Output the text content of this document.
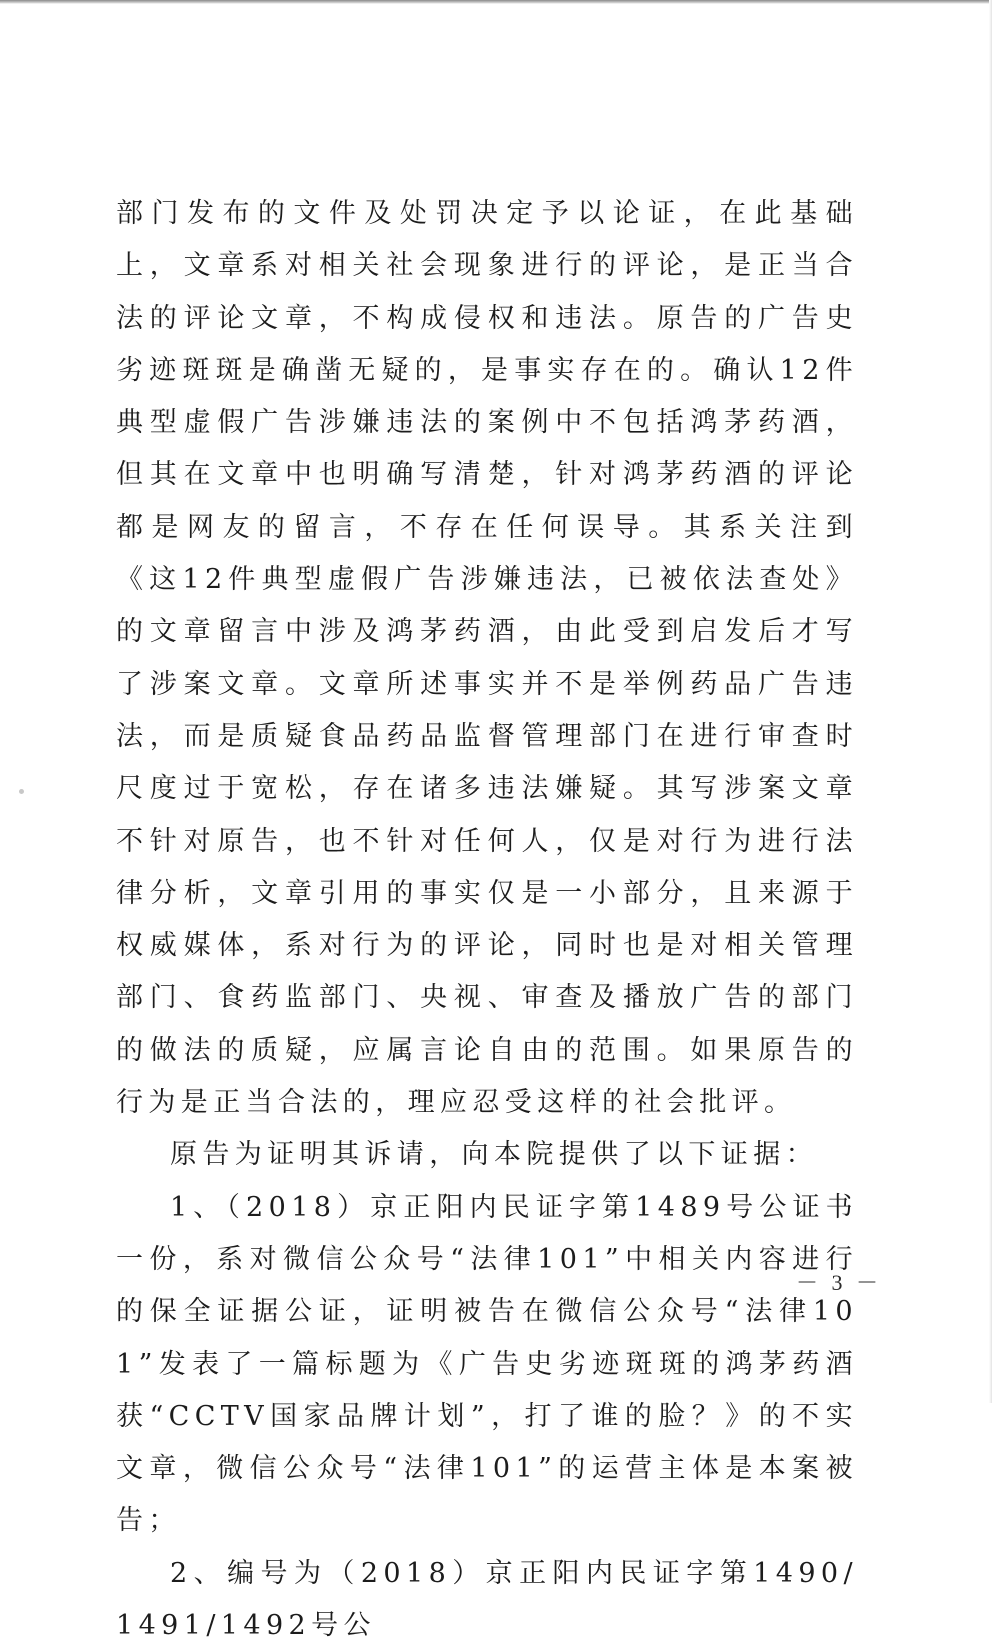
部门发布的文件及处罚决定予以论证，在此基础上，文章系对相关社会现象进行的评论，是正当合法的评论文章，不构成侵权和违法。原告的广告史劣迹斑斑是确凿无疑的，是事实存在的。确认12件典型虚假广告涉嫌违法的案例中不包括鸿茅药酒，但其在文章中也明确写清楚，针对鸿茅药酒的评论都是网友的留言，不存在任何误导。其系关注到《这12件典型虚假广告涉嫌违法，已被依法查处》的文章留言中涉及鸿茅药酒，由此受到启发后才写了涉案文章。文章所述事实并不是举例药品广告违法，而是质疑食品药品监督管理部门在进行审查时尺度过于宽松，存在诸多违法嫌疑。其写涉案文章不针对原告，也不针对任何人，仅是对行为进行法律分析，文章引用的事实仅是一小部分，且来源于权威媒体，系对行为的评论，同时也是对相关管理部门、食药监部门、央视、审查及播放广告的部门的做法的质疑，应属言论自由的范围。如果原告的行为是正当合法的，理应忍受这样的社会批评。

原告为证明其诉请，向本院提供了以下证据：

1、（2018）京正阳内民证字第1489号公证书一份，系对微信公众号“法律101”中相关内容进行的保全证据公证，证明被告在微信公众号“法律101”发表了一篇标题为《广告史劣迹斑斑的鸿茅药酒获“CCTV国家品牌计划”，打了谁的脸？》的不实文章，微信公众号“法律101”的运营主体是本案被告；

2、编号为（2018）京正阳内民证字第1490/1491/1492号公

－ 3 －
